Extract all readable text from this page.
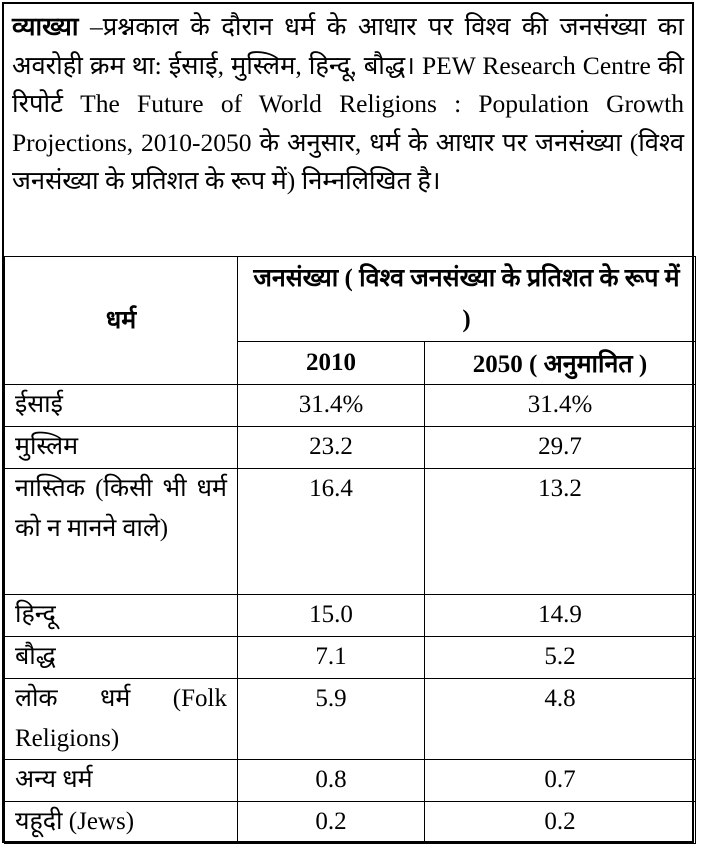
व्याख्या –प्रश्नकाल के दौरान धर्म के आधार पर विश्व की जनसंख्या का अवरोही क्रम था: ईसाई, मुस्लिम, हिन्दू, बौद्ध। PEW Research Centre की रिपोर्ट The Future of World Religions : Population Growth Projections, 2010-2050 के अनुसार, धर्म के आधार पर जनसंख्या (विश्व जनसंख्या के प्रतिशत के रूप में) निम्नलिखित है।

धर्म	जनसंख्या ( विश्व जनसंख्या के प्रतिशत के रूप में )	
	2010	2050 ( अनुमानित )
ईसाई	31.4%	31.4%
मुस्लिम	23.2	29.7
नास्तिक (किसी भी धर्म को न मानने वाले)	16.4	13.2
हिन्दू	15.0	14.9
बौद्ध	7.1	5.2
लोक धर्म (Folk Religions)	5.9	4.8
अन्य धर्म	0.8	0.7
यहूदी (Jews)	0.2	0.2
